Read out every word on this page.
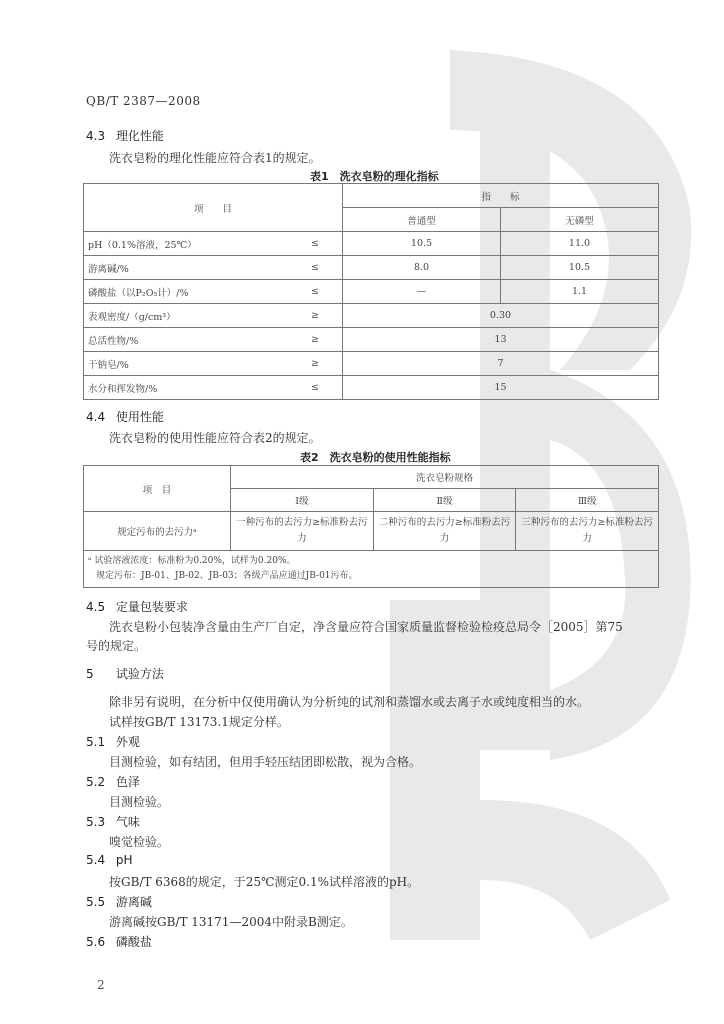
QB/T 2387—2008
4.3 理化性能
洗衣皂粉的理化性能应符合表1的规定。
表1　洗衣皂粉的理化指标
项　　目		指　　标	
		普通型	无磷型
pH（0.1%溶液，25℃）	≤	10.5	11.0
游离碱/%	≤	8.0	10.5
磷酸盐（以P₂O₅计）/%	≤	—	1.1
表观密度/（g/cm³）	≥	0.30	
总活性物/%	≥	13	
干钠皂/%	≥	7	
水分和挥发物/%	≤	15	
4.4 使用性能
洗衣皂粉的使用性能应符合表2的规定。
表2　洗衣皂粉的使用性能指标
项　目	洗衣皂粉规格		
	Ⅰ级	Ⅱ级	Ⅲ级
规定污布的去污力ᵃ	一种污布的去污力≥标准粉去污力	二种污布的去污力≥标准粉去污力	三种污布的去污力≥标准粉去污力

ᵃ 试验溶液浓度：标准粉为0.20%，试样为0.20%。
规定污布：JB-01、JB-02、JB-03；各级产品应通过JB-01污布。			
4.5 定量包装要求
洗衣皂粉小包装净含量由生产厂自定，净含量应符合国家质量监督检验检疫总局令［2005］第75
号的规定。
5 试验方法
除非另有说明，在分析中仅使用确认为分析纯的试剂和蒸馏水或去离子水或纯度相当的水。
试样按GB/T 13173.1规定分样。
5.1 外观
目测检验，如有结团，但用手轻压结团即松散，视为合格。
5.2 色泽
目测检验。
5.3 气味
嗅觉检验。
5.4 pH
按GB/T 6368的规定，于25℃测定0.1%试样溶液的pH。
5.5 游离碱
游离碱按GB/T 13171—2004中附录B测定。
5.6 磷酸盐
2
